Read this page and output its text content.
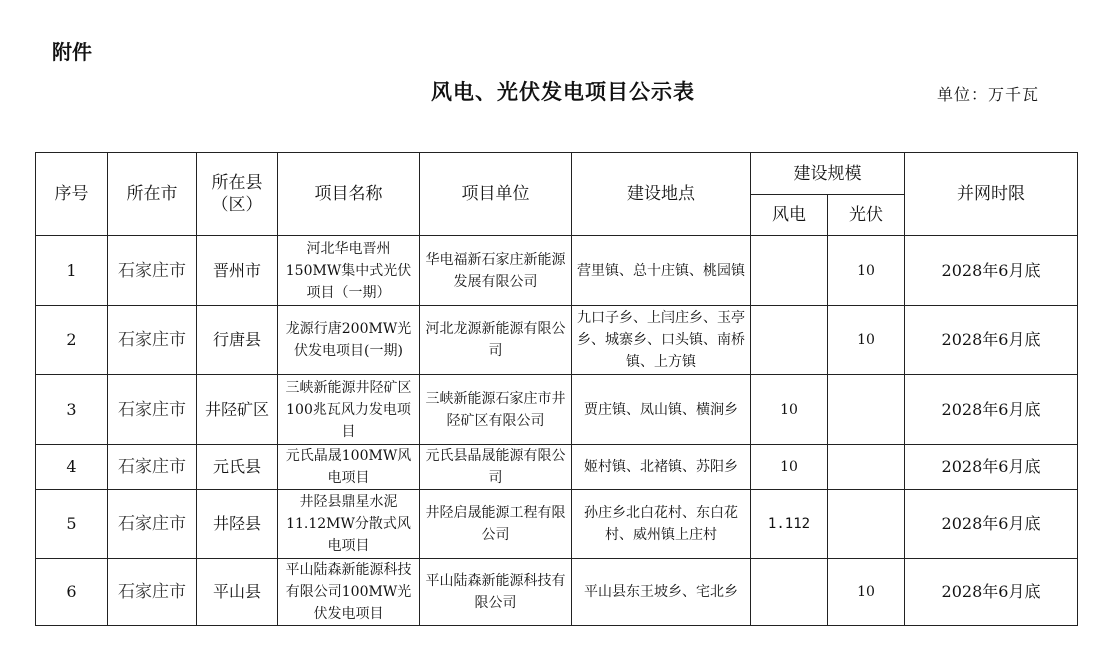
附件
风电、光伏发电项目公示表	单位：万千瓦
序号	所在市	所在县（区）	项目名称	项目单位	建设地点	建设规模		并网时限
						风电	光伏	
1	石家庄市	晋州市	河北华电晋州150MW集中式光伏项目（一期）	华电福新石家庄新能源发展有限公司	营里镇、总十庄镇、桃园镇		10	2028年6月底
2	石家庄市	行唐县	龙源行唐200MW光伏发电项目(一期)	河北龙源新能源有限公司	九口子乡、上闫庄乡、玉亭乡、城寨乡、口头镇、南桥镇、上方镇		10	2028年6月底
3	石家庄市	井陉矿区	三峡新能源井陉矿区100兆瓦风力发电项目	三峡新能源石家庄市井陉矿区有限公司	贾庄镇、凤山镇、横涧乡	10		2028年6月底
4	石家庄市	元氏县	元氏晶晟100MW风电项目	元氏县晶晟能源有限公司	姬村镇、北褚镇、苏阳乡	10		2028年6月底
5	石家庄市	井陉县	井陉县鼎星水泥11.12MW分散式风电项目	井陉启晟能源工程有限公司	孙庄乡北白花村、东白花村、威州镇上庄村	1.112		2028年6月底
6	石家庄市	平山县	平山陆森新能源科技有限公司100MW光伏发电项目	平山陆森新能源科技有限公司	平山县东王坡乡、宅北乡		10	2028年6月底
